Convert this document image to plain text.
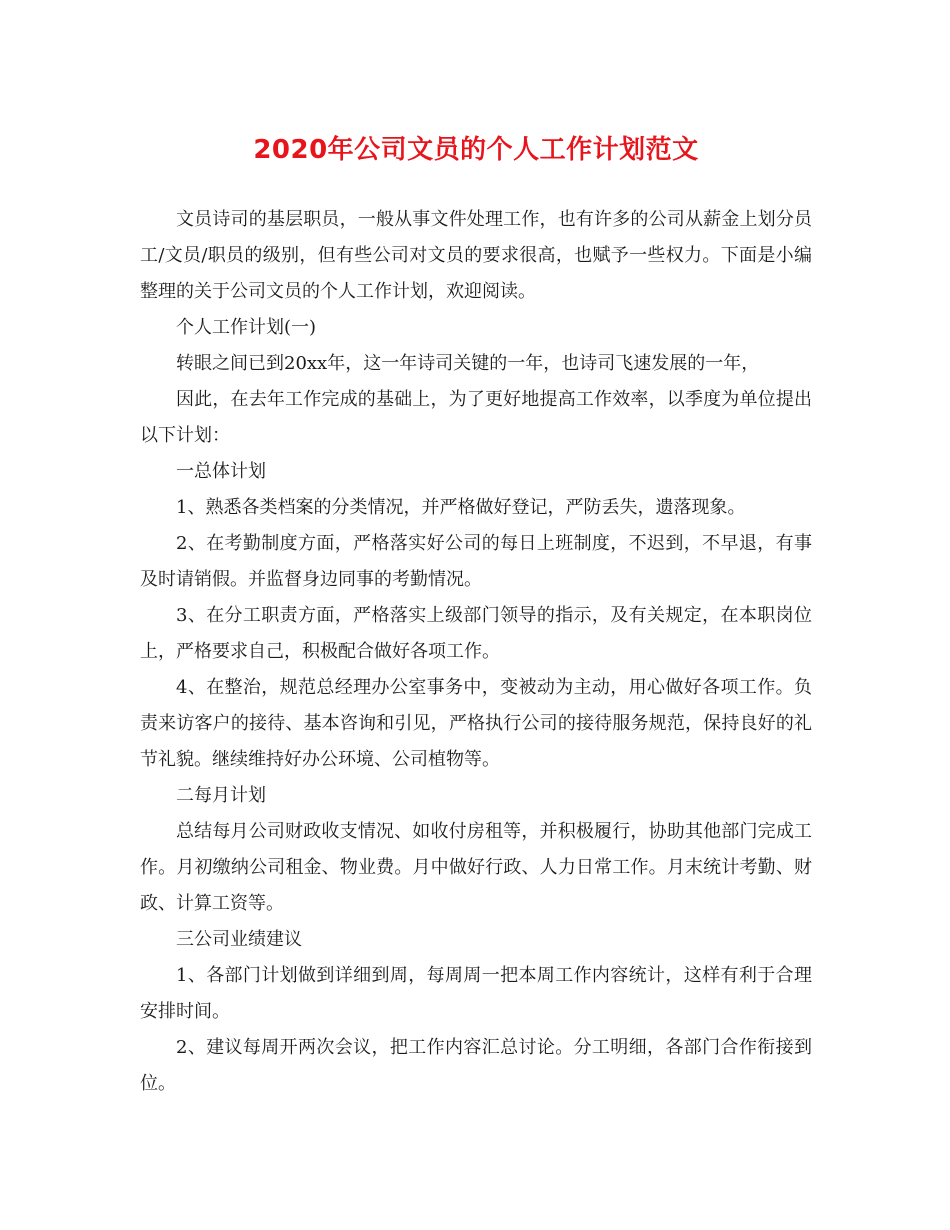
2020年公司文员的个人工作计划范文

文员诗司的基层职员，一般从事文件处理工作，也有许多的公司从薪金上划分员工/文员/职员的级别，但有些公司对文员的要求很高，也赋予一些权力。下面是小编整理的关于公司文员的个人工作计划，欢迎阅读。

个人工作计划(一)

转眼之间已到20xx年，这一年诗司关键的一年，也诗司飞速发展的一年，

因此，在去年工作完成的基础上，为了更好地提高工作效率，以季度为单位提出以下计划：

一总体计划

1、熟悉各类档案的分类情况，并严格做好登记，严防丢失，遗落现象。

2、在考勤制度方面，严格落实好公司的每日上班制度，不迟到，不早退，有事及时请销假。并监督身边同事的考勤情况。

3、在分工职责方面，严格落实上级部门领导的指示，及有关规定，在本职岗位上，严格要求自己，积极配合做好各项工作。

4、在整治，规范总经理办公室事务中，变被动为主动，用心做好各项工作。负责来访客户的接待、基本咨询和引见，严格执行公司的接待服务规范，保持良好的礼节礼貌。继续维持好办公环境、公司植物等。

二每月计划

总结每月公司财政收支情况、如收付房租等，并积极履行，协助其他部门完成工作。月初缴纳公司租金、物业费。月中做好行政、人力日常工作。月末统计考勤、财政、计算工资等。

三公司业绩建议

1、各部门计划做到详细到周，每周周一把本周工作内容统计，这样有利于合理安排时间。

2、建议每周开两次会议，把工作内容汇总讨论。分工明细，各部门合作衔接到位。
